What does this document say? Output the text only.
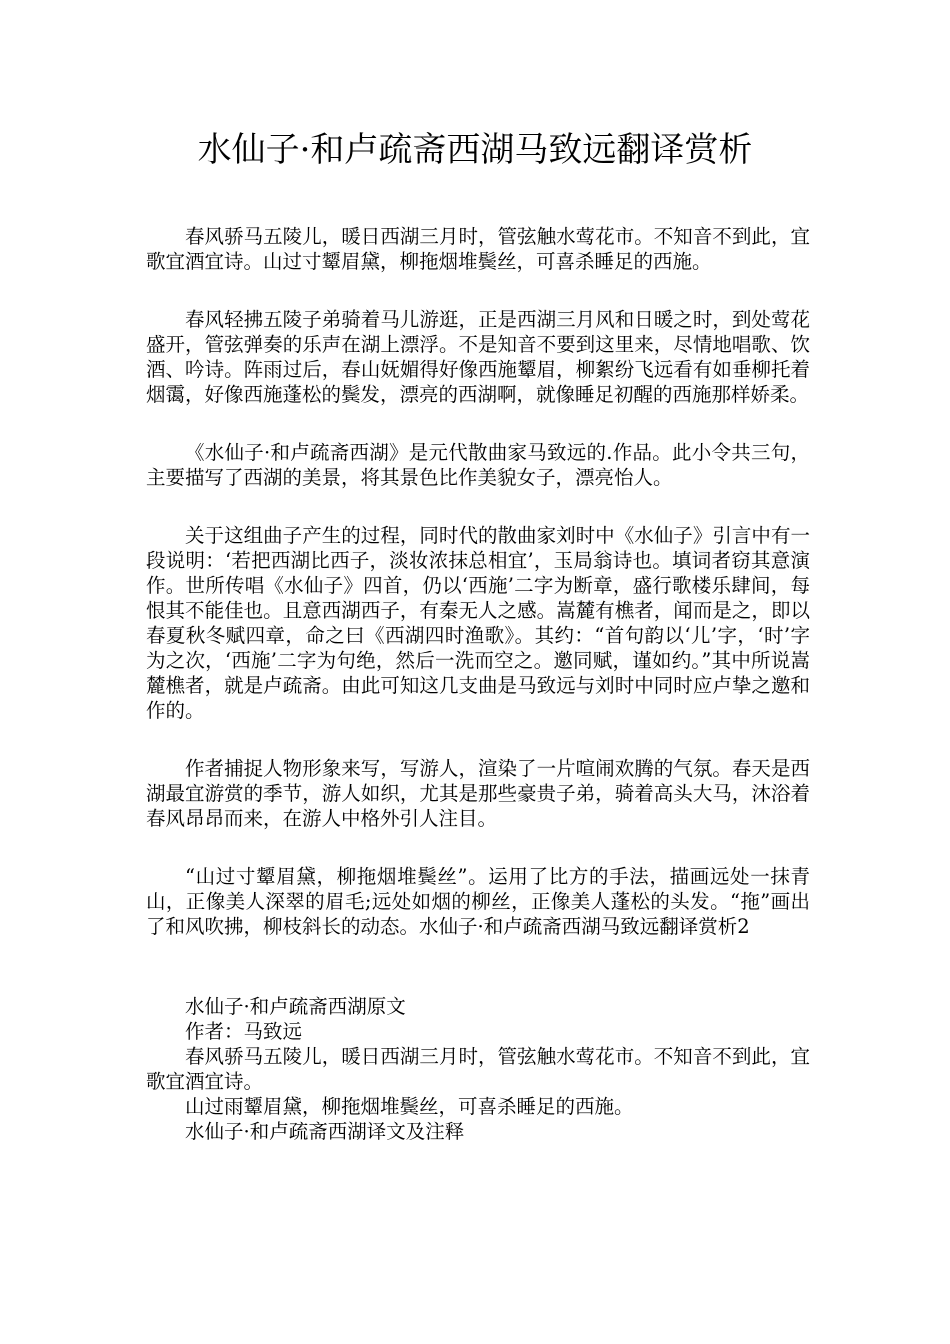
水仙子·和卢疏斋西湖马致远翻译赏析

春风骄马五陵儿，暖日西湖三月时，管弦触水莺花市。不知音不到此，宜歌宜酒宜诗。山过寸颦眉黛，柳拖烟堆鬓丝，可喜杀睡足的西施。

春风轻拂五陵子弟骑着马儿游逛，正是西湖三月风和日暖之时，到处莺花盛开，管弦弹奏的乐声在湖上漂浮。不是知音不要到这里来，尽情地唱歌、饮酒、吟诗。阵雨过后，春山妩媚得好像西施颦眉，柳絮纷飞远看有如垂柳托着烟霭，好像西施蓬松的鬓发，漂亮的西湖啊，就像睡足初醒的西施那样娇柔。

《水仙子·和卢疏斋西湖》是元代散曲家马致远的.作品。此小令共三句，主要描写了西湖的美景，将其景色比作美貌女子，漂亮怡人。

关于这组曲子产生的过程，同时代的散曲家刘时中《水仙子》引言中有一段说明：‘若把西湖比西子，淡妆浓抹总相宜’，玉局翁诗也。填词者窃其意演作。世所传唱《水仙子》四首，仍以‘西施’二字为断章，盛行歌楼乐肆间，每恨其不能佳也。且意西湖西子，有秦无人之感。嵩麓有樵者，闻而是之，即以春夏秋冬赋四章，命之曰《西湖四时渔歌》。其约：“首句韵以‘儿’字，‘时’字为之次，‘西施’二字为句绝，然后一洗而空之。邀同赋，谨如约。”其中所说嵩麓樵者，就是卢疏斋。由此可知这几支曲是马致远与刘时中同时应卢挚之邀和作的。

作者捕捉人物形象来写，写游人，渲染了一片喧闹欢腾的气氛。春天是西湖最宜游赏的季节，游人如织，尤其是那些豪贵子弟，骑着高头大马，沐浴着春风昂昂而来，在游人中格外引人注目。

“山过寸颦眉黛，柳拖烟堆鬓丝”。运用了比方的手法，描画远处一抹青山，正像美人深翠的眉毛;远处如烟的柳丝，正像美人蓬松的头发。“拖”画出了和风吹拂，柳枝斜长的动态。水仙子·和卢疏斋西湖马致远翻译赏析2

水仙子·和卢疏斋西湖原文

作者：马致远

春风骄马五陵儿，暖日西湖三月时，管弦触水莺花市。不知音不到此，宜歌宜酒宜诗。

山过雨颦眉黛，柳拖烟堆鬓丝，可喜杀睡足的西施。

水仙子·和卢疏斋西湖译文及注释
